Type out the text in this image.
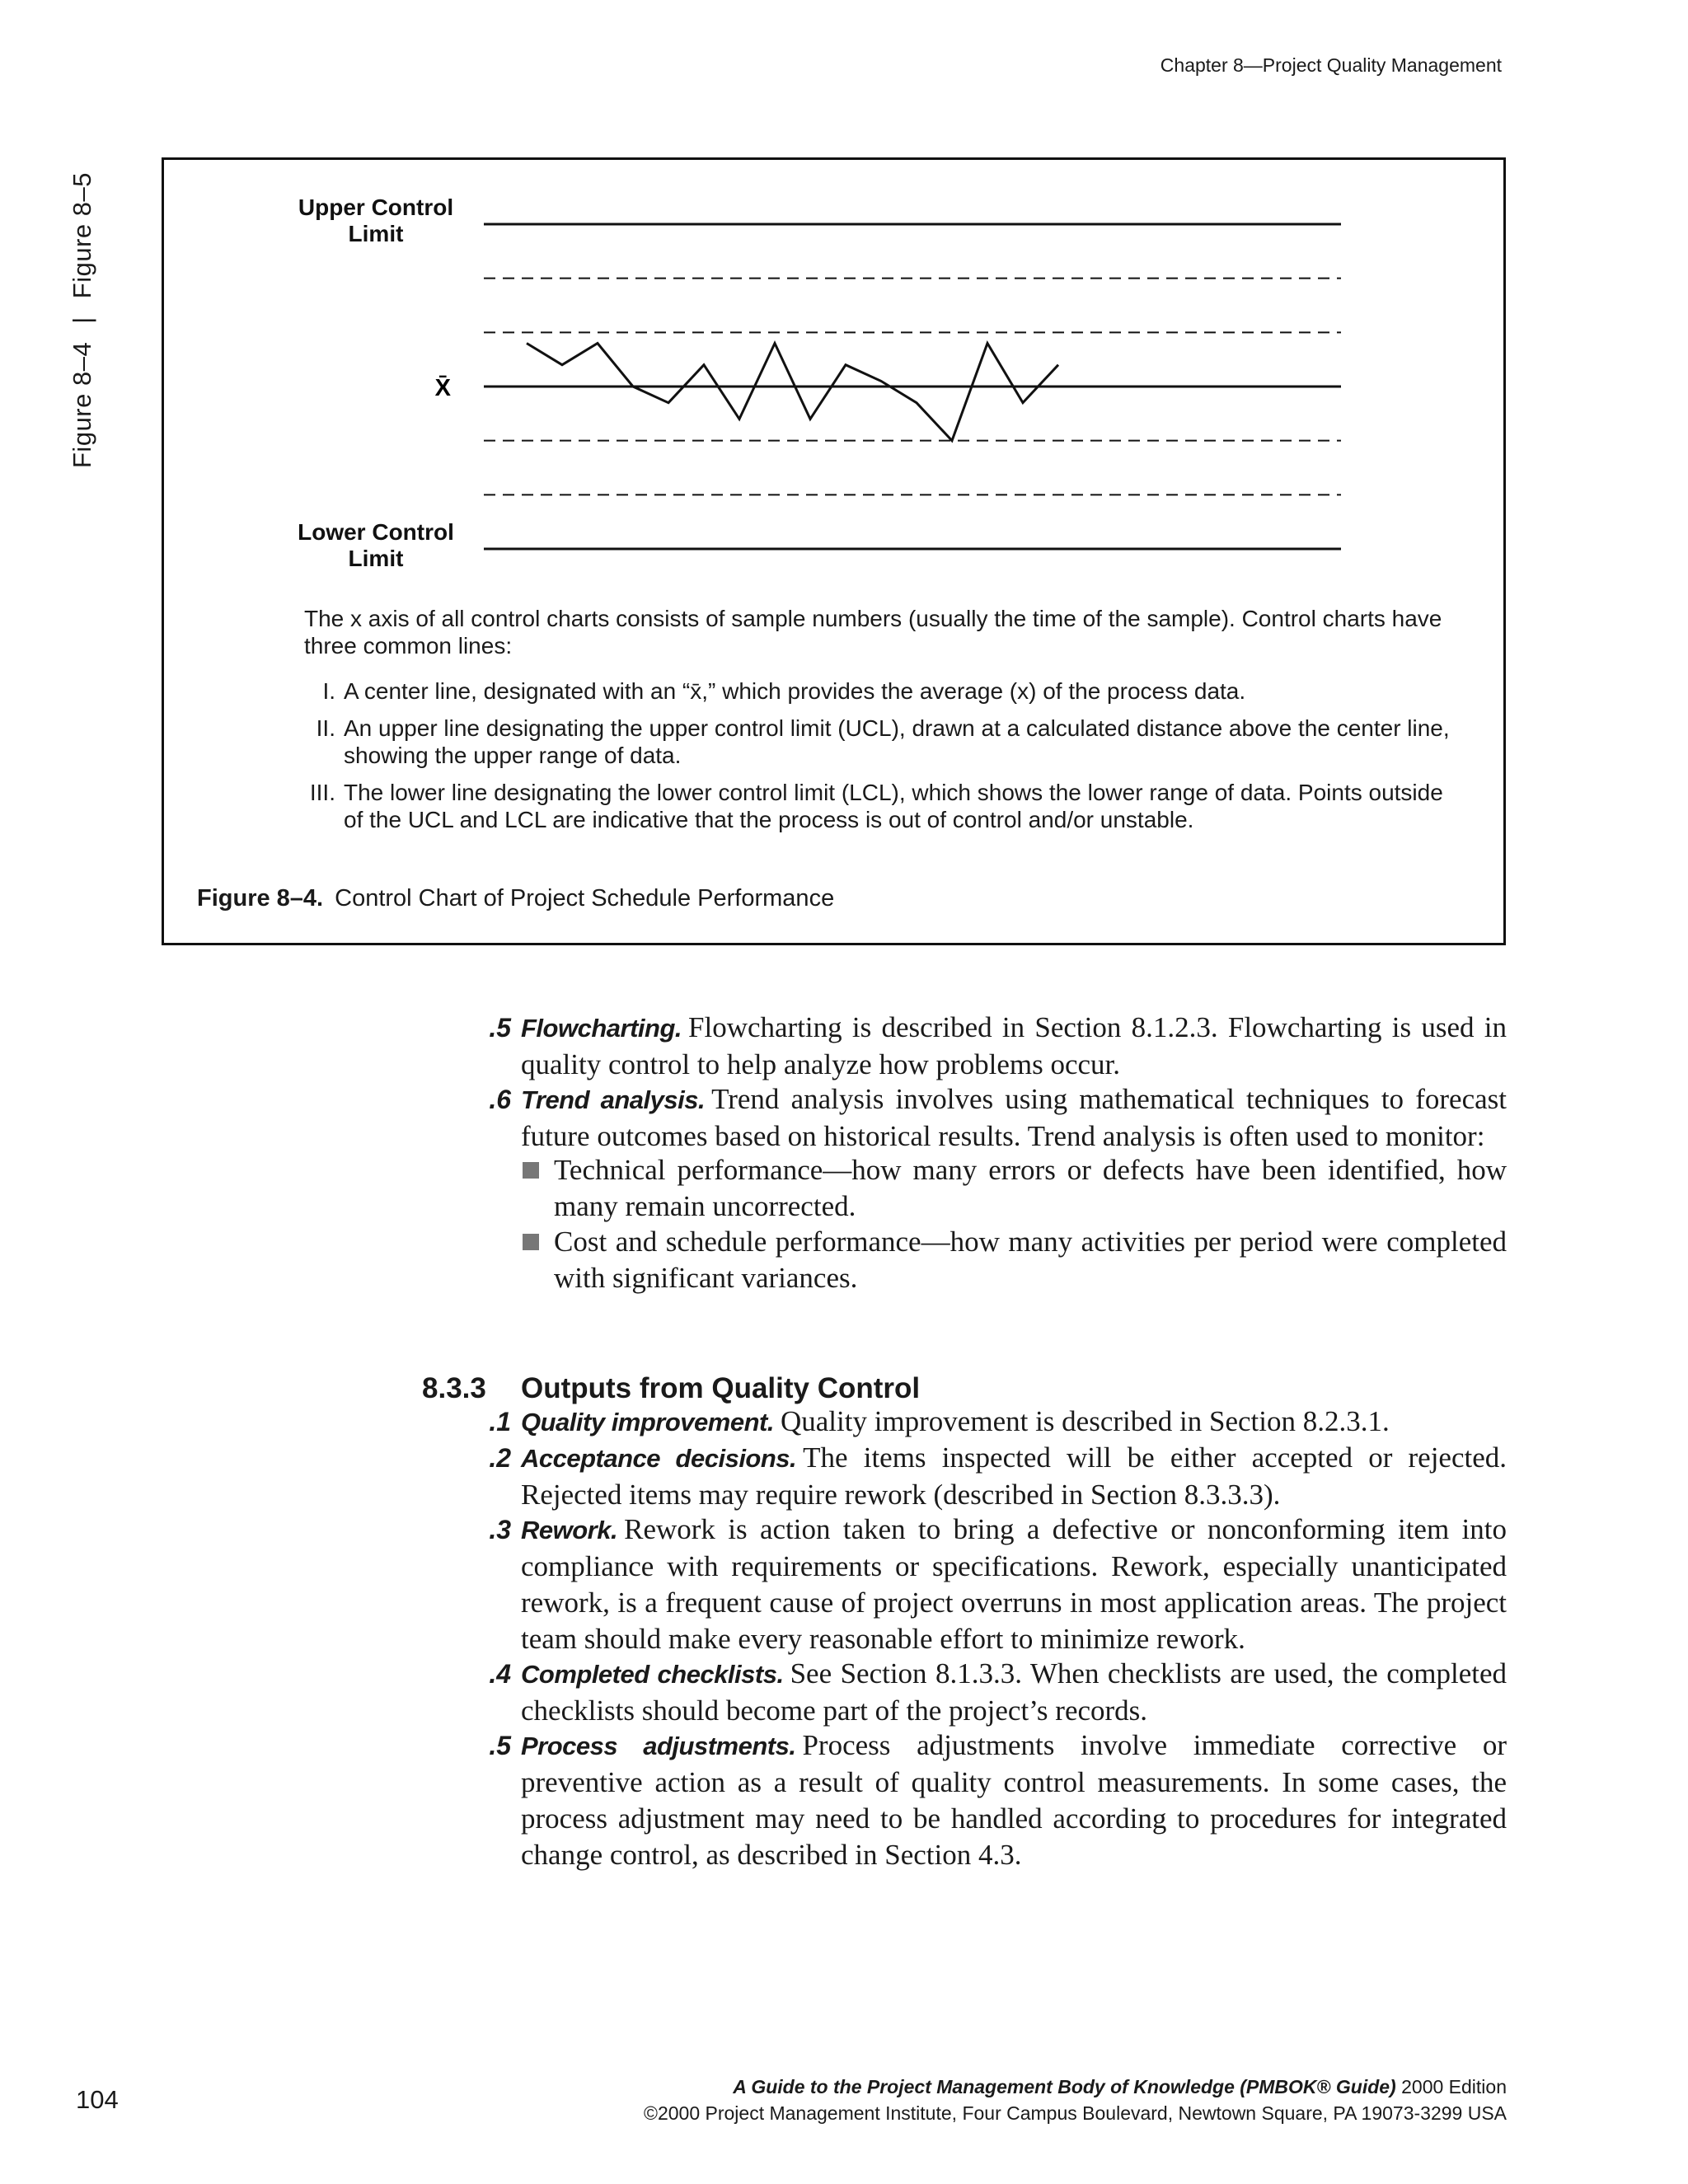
Chapter 8—Project Quality Management
Figure 8–4|Figure 8–5	Upper Control Limit
Lower Control Limit
X̄

The x axis of all control charts consists of sample numbers (usually the time of the sample). Control charts have three common lines:

I. A center line, designated with an “x̄,” which provides the average (x) of the process data.
II. An upper line designating the upper control limit (UCL), drawn at a calculated distance above the center line, showing the upper range of data.
III. The lower line designating the lower control limit (LCL), which shows the lower range of data. Points outside of the UCL and LCL are indicative that the process is out of control and/or unstable.
Figure 8–4. Control Chart of Project Schedule Performance
.5 Flowcharting. Flowcharting is described in Section 8.1.2.3. Flowcharting is used in quality control to help analyze how problems occur.
.6 Trend analysis. Trend analysis involves using mathematical techniques to forecast future outcomes based on historical results. Trend analysis is often used to monitor:
Technical performance—how many errors or defects have been identified, how many remain uncorrected.
Cost and schedule performance—how many activities per period were completed with significant variances.
8.3.3 Outputs from Quality Control
.1 Quality improvement. Quality improvement is described in Section 8.2.3.1.
.2 Acceptance decisions. The items inspected will be either accepted or rejected. Rejected items may require rework (described in Section 8.3.3.3).
.3 Rework. Rework is action taken to bring a defective or nonconforming item into compliance with requirements or specifications. Rework, especially unanticipated rework, is a frequent cause of project overruns in most application areas. The project team should make every reasonable effort to minimize rework.
.4 Completed checklists. See Section 8.1.3.3. When checklists are used, the completed checklists should become part of the project’s records.
.5 Process adjustments. Process adjustments involve immediate corrective or preventive action as a result of quality control measurements. In some cases, the process adjustment may need to be handled according to procedures for integrated change control, as described in Section 4.3.
104	A Guide to the Project Management Body of Knowledge (PMBOK® Guide) 2000 Edition
©2000 Project Management Institute, Four Campus Boulevard, Newtown Square, PA 19073-3299 USA
